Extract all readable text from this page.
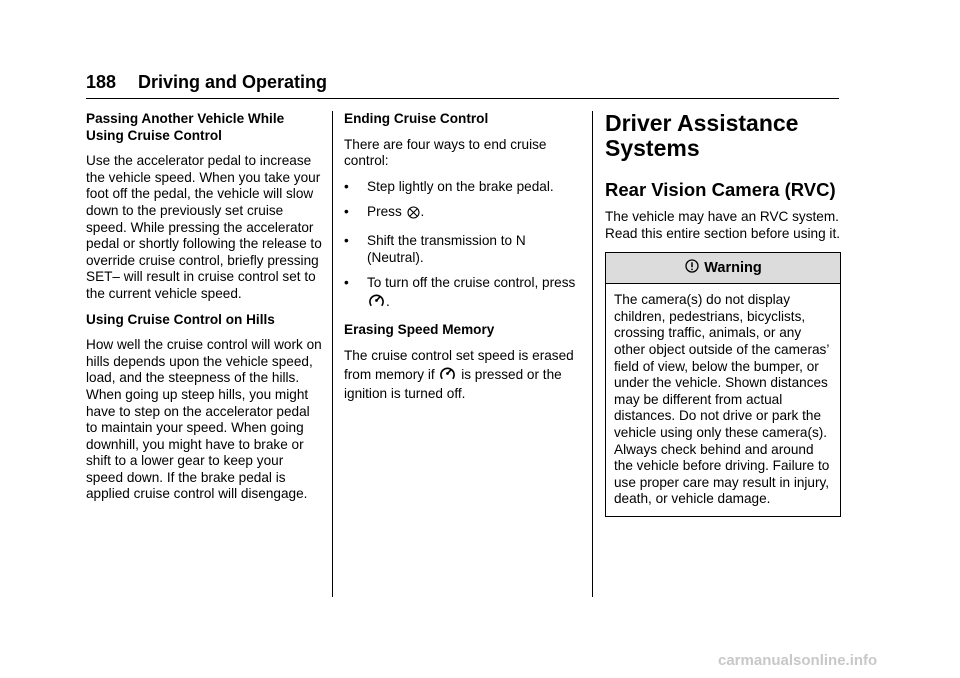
188 Driving and Operating
Passing Another Vehicle While Using Cruise Control

Use the accelerator pedal to increase the vehicle speed. When you take your foot off the pedal, the vehicle will slow down to the previously set cruise speed. While pressing the accelerator pedal or shortly following the release to override cruise control, briefly pressing SET– will result in cruise control set to the current vehicle speed.

Using Cruise Control on Hills

How well the cruise control will work on hills depends upon the vehicle speed, load, and the steepness of the hills. When going up steep hills, you might have to step on the accelerator pedal to maintain your speed. When going downhill, you might have to brake or shift to a lower gear to keep your speed down. If the brake pedal is applied cruise control will disengage.

Ending Cruise Control

There are four ways to end cruise control:

• Step lightly on the brake pedal.
• Press .
• Shift the transmission to N (Neutral).
• To turn off the cruise control, press .
Erasing Speed Memory

The cruise control set speed is erased from memory if is pressed or the ignition is turned off.

Driver Assistance Systems
Rear Vision Camera (RVC)

The vehicle may have an RVC system. Read this entire section before using it.

Warning
The camera(s) do not display children, pedestrians, bicyclists, crossing traffic, animals, or any other object outside of the cameras’ field of view, below the bumper, or under the vehicle. Shown distances may be different from actual distances. Do not drive or park the vehicle using only these camera(s). Always check behind and around the vehicle before driving. Failure to use proper care may result in injury, death, or vehicle damage.
carmanualsonline.info
